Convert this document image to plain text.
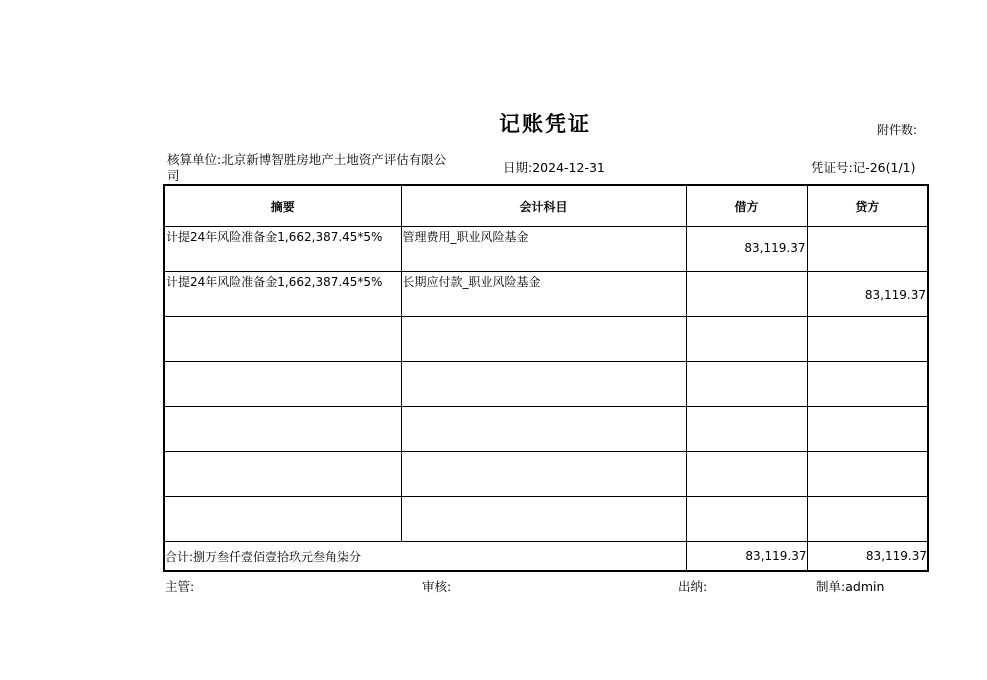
记账凭证	附件数:
核算单位:北京新博智胜房地产土地资产评估有限公
司
日期:2024-12-31	凭证号:记-26(1/1)
摘要	会计科目	借方	贷方

计提24年风险准备金1,662,387.45*5%	管理费用_职业风险基金	83,119.37	

计提24年风险准备金1,662,387.45*5%	长期应付款_职业风险基金		83,119.37

合计:捌万叁仟壹佰壹拾玖元叁角柒分		83,119.37	83,119.37
主管:	审核:	出纳:	制单:admin
